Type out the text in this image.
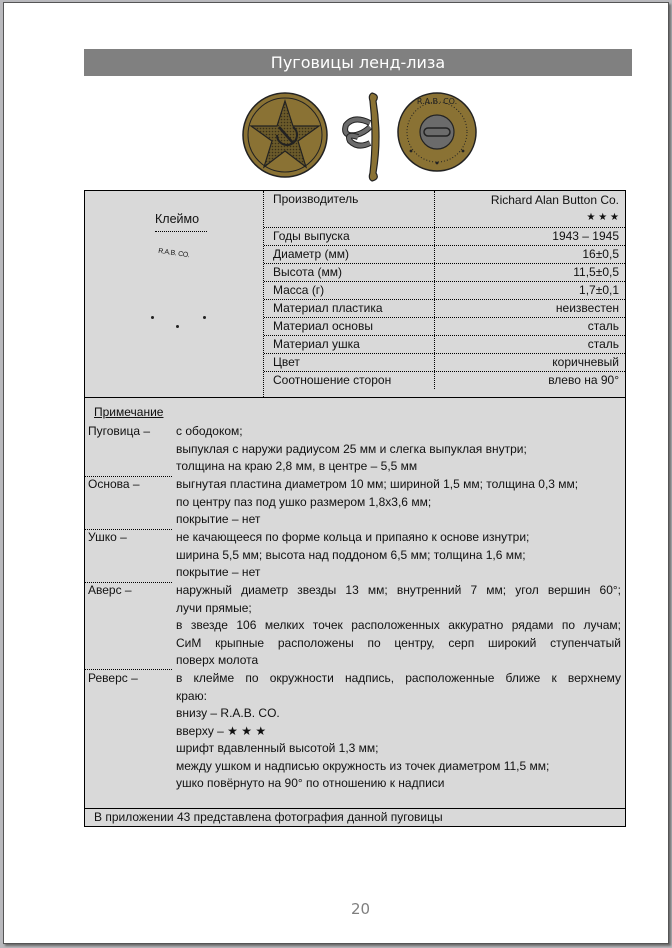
Пуговицы ленд-лиза
R.A.B. CO.
Клеймо
R.A.B. CO.
Производитель	Richard Alan Button Co.
★ ★ ★
Годы выпуска	1943 – 1945
Диаметр (мм)	16±0,5
Высота (мм)	11,5±0,5
Масса (г)	1,7±0,1
Материал пластика	неизвестен
Материал основы	сталь
Материал ушка	сталь
Цвет	коричневый
Соотношение сторон	влево на 90°
Примечание
Пуговица –	с ободоком;
выпуклая с наружи радиусом 25 мм и слегка выпуклая внутри;
толщина на краю 2,8 мм, в центре – 5,5 мм
Основа –	выгнутая пластина диаметром 10 мм; шириной 1,5 мм; толщина 0,3 мм;
по центру паз под ушко размером 1,8х3,6 мм;
покрытие – нет
Ушко –	не качающееся по форме кольца и припаяно к основе изнутри;
ширина 5,5 мм; высота над поддоном 6,5 мм; толщина 1,6 мм;
покрытие – нет
Аверс –	наружный диаметр звезды 13 мм; внутренний 7 мм; угол вершин 60°;
лучи прямые;
в звезде 106 мелких точек расположенных аккуратно рядами по лучам;
СиМ крыпные расположены по центру, серп широкий ступенчатый
поверх молота
Реверс –	в клейме по окружности надпись, расположенные ближе к верхнему
краю:
внизу – R.A.B. CO.
вверху – ★ ★ ★
шрифт вдавленный высотой 1,3 мм;
между ушком и надписью окружность из точек диаметром 11,5 мм;
ушко повёрнуто на 90° по отношению к надписи
В приложении 43 представлена фотография данной пуговицы
20
